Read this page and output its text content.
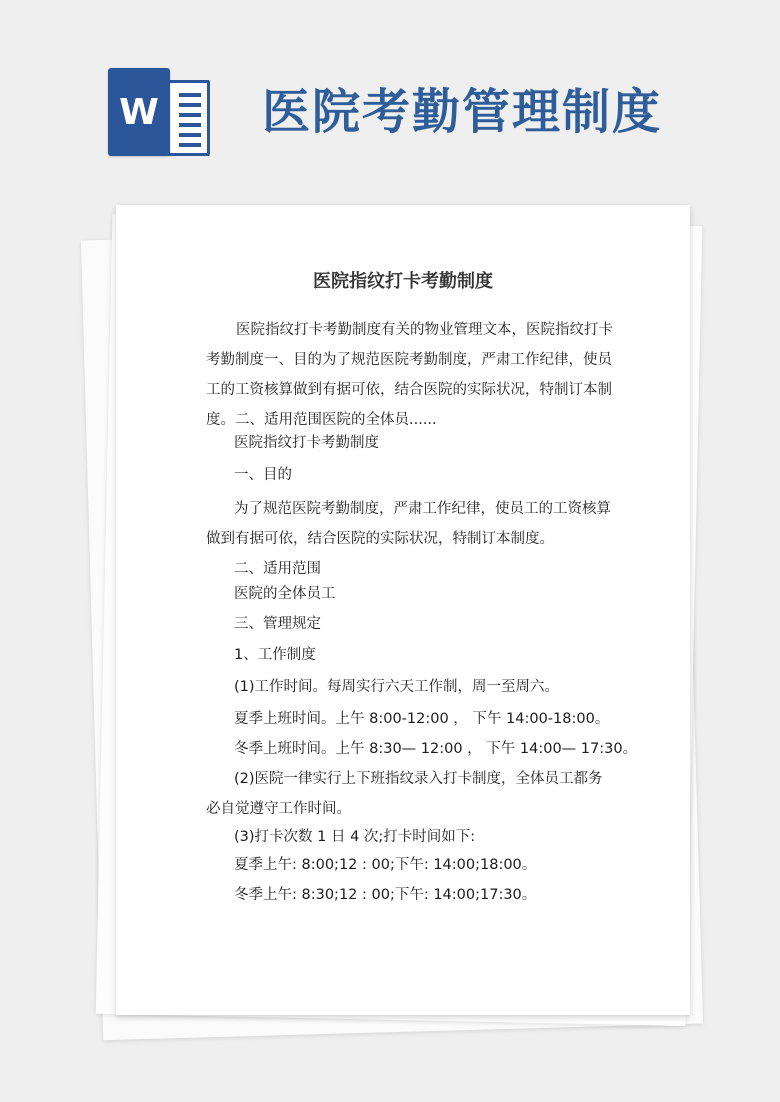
W 医院考勤管理制度
医院指纹打卡考勤制度
医院指纹打卡考勤制度有关的物业管理文本，医院指纹打卡
考勤制度一、目的为了规范医院考勤制度，严肃工作纪律，使员
工的工资核算做到有据可依，结合医院的实际状况，特制订本制
度。二、适用范围医院的全体员......
医院指纹打卡考勤制度
一、目的
为了规范医院考勤制度，严肃工作纪律，使员工的工资核算
做到有据可依，结合医院的实际状况，特制订本制度。
二、适用范围
医院的全体员工
三、管理规定
1、工作制度
(1)工作时间。每周实行六天工作制，周一至周六。
夏季上班时间。上午 8:00-12:00 ， 下午 14:00-18:00。
冬季上班时间。上午 8:30— 12:00 ， 下午 14:00— 17:30。
(2)医院一律实行上下班指纹录入打卡制度，全体员工都务
必自觉遵守工作时间。
(3)打卡次数 1 日 4 次;打卡时间如下:
夏季上午: 8:00;12 : 00;下午: 14:00;18:00。
冬季上午: 8:30;12 : 00;下午: 14:00;17:30。
